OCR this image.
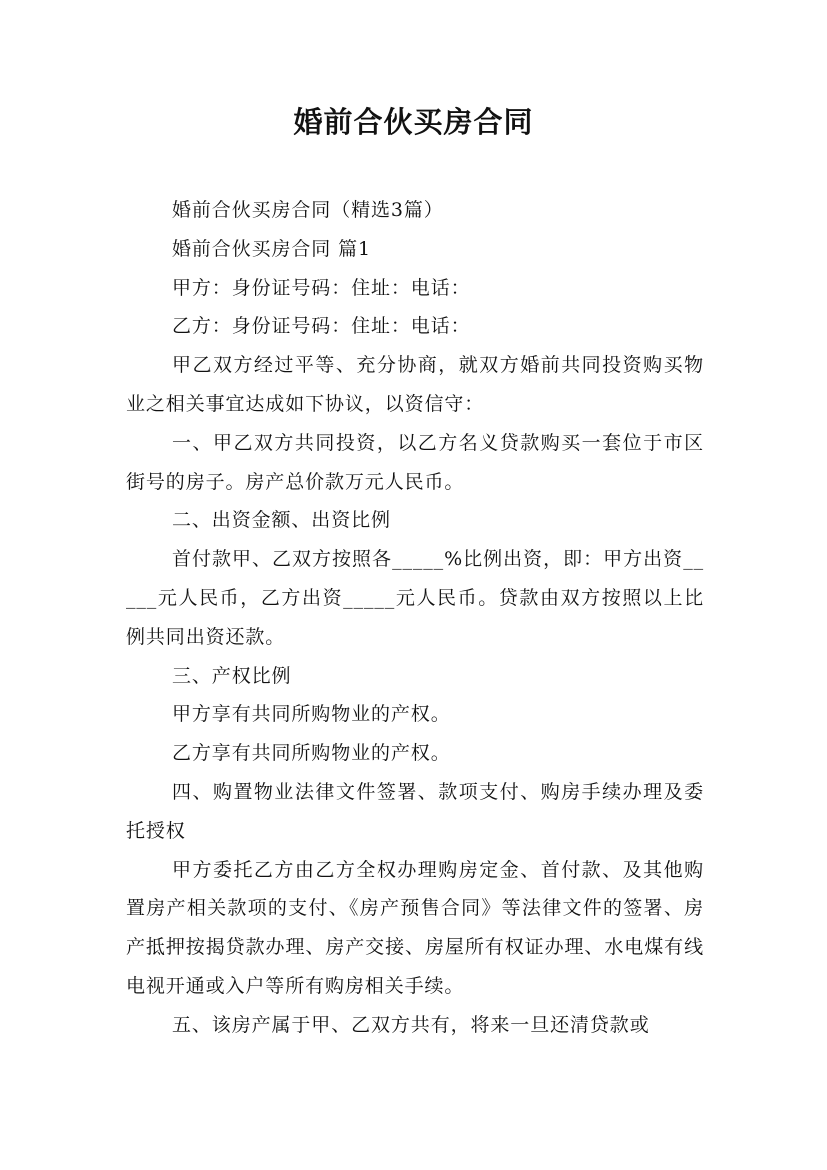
婚前合伙买房合同

婚前合伙买房合同（精选3篇）

婚前合伙买房合同 篇1

甲方：身份证号码：住址：电话：

乙方：身份证号码：住址：电话：

甲乙双方经过平等、充分协商，就双方婚前共同投资购买物业之相关事宜达成如下协议，以资信守：

一、甲乙双方共同投资，以乙方名义贷款购买一套位于市区街号的房子。房产总价款万元人民币。

二、出资金额、出资比例

首付款甲、乙双方按照各_____%比例出资，即：甲方出资_____元人民币，乙方出资_____元人民币。贷款由双方按照以上比例共同出资还款。

三、产权比例

甲方享有共同所购物业的产权。

乙方享有共同所购物业的产权。

四、购置物业法律文件签署、款项支付、购房手续办理及委托授权

甲方委托乙方由乙方全权办理购房定金、首付款、及其他购置房产相关款项的支付、《房产预售合同》等法律文件的签署、房产抵押按揭贷款办理、房产交接、房屋所有权证办理、水电煤有线电视开通或入户等所有购房相关手续。

五、该房产属于甲、乙双方共有，将来一旦还清贷款或
